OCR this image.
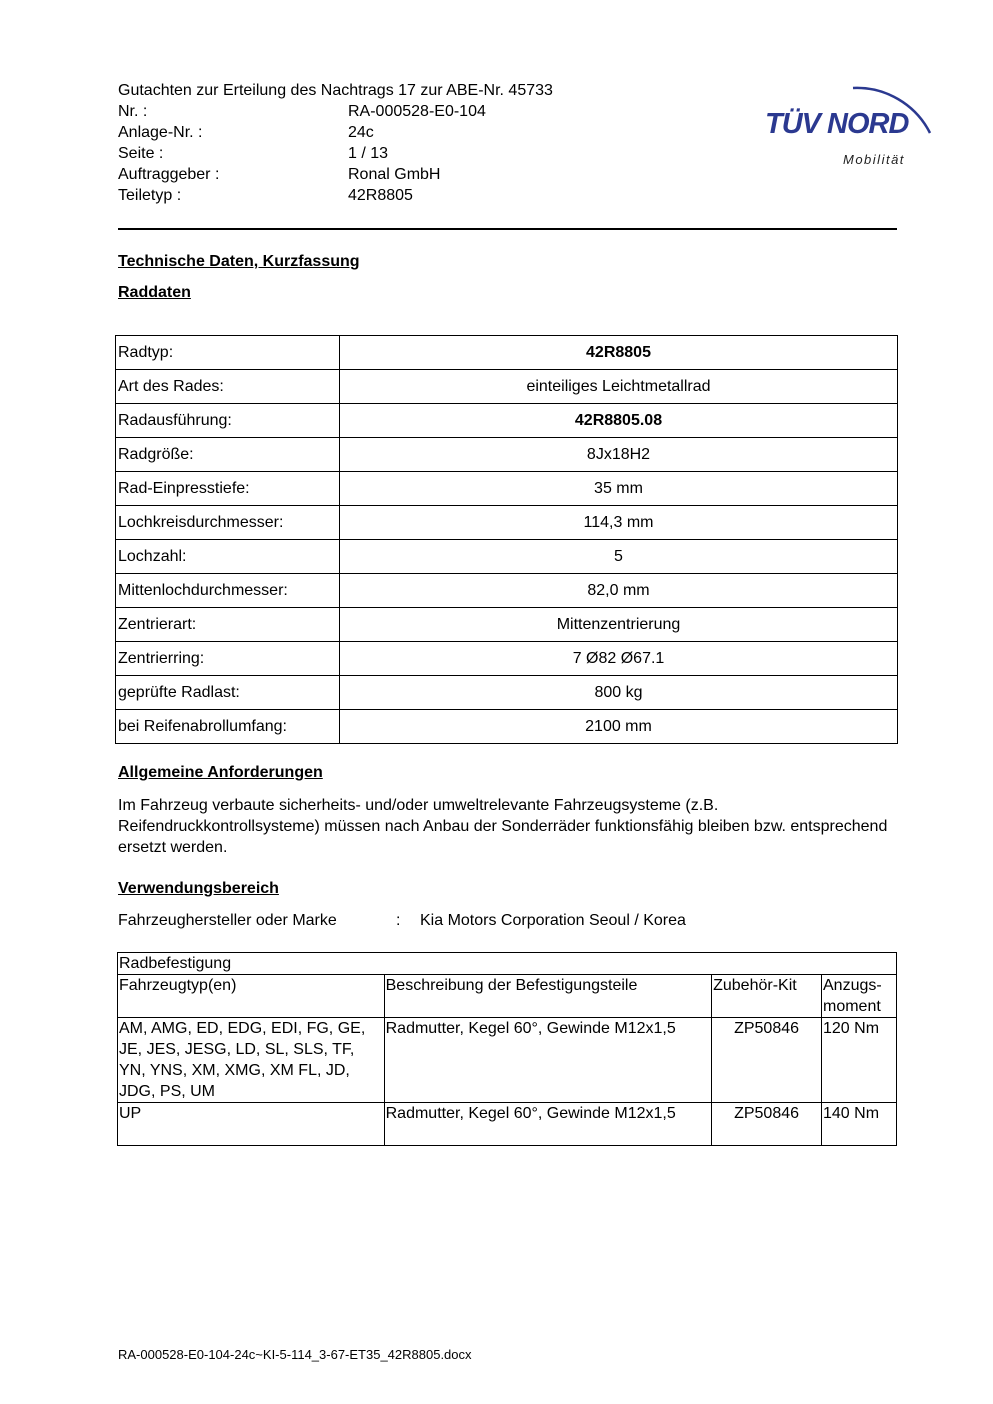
Gutachten zur Erteilung des Nachtrags 17 zur ABE-Nr. 45733
Nr. :	RA-000528-E0-104
Anlage-Nr. :	24c
Seite :	1 / 13
Auftraggeber :	Ronal GmbH
Teiletyp :	42R8805
TÜV NORD
Mobilität
Technische Daten, Kurzfassung
Raddaten
Radtyp:	42R8805
Art des Rades:	einteiliges Leichtmetallrad
Radausführung:	42R8805.08
Radgröße:	8Jx18H2
Rad-Einpresstiefe:	35 mm
Lochkreisdurchmesser:	114,3 mm
Lochzahl:	5
Mittenlochdurchmesser:	82,0 mm
Zentrierart:	Mittenzentrierung
Zentrierring:	7 Ø82 Ø67.1
geprüfte Radlast:	800 kg
bei Reifenabrollumfang:	2100 mm
Allgemeine Anforderungen
Im Fahrzeug verbaute sicherheits- und/oder umweltrelevante Fahrzeugsysteme (z.B. Reifendruckkontrollsysteme) müssen nach Anbau der Sonderräder funktionsfähig bleiben bzw. entsprechend ersetzt werden.
Verwendungsbereich
Fahrzeughersteller oder Marke	: Kia Motors Corporation Seoul / Korea
Radbefestigung			
Fahrzeugtyp(en)	Beschreibung der Befestigungsteile	Zubehör-Kit	Anzugs-moment
AM, AMG, ED, EDG, EDI, FG, GE, JE, JES, JESG, LD, SL, SLS, TF, YN, YNS, XM, XMG, XM FL, JD, JDG, PS, UM	Radmutter, Kegel 60°, Gewinde M12x1,5	ZP50846	120 Nm
UP	Radmutter, Kegel 60°, Gewinde M12x1,5	ZP50846	140 Nm
RA-000528-E0-104-24c~KI-5-114_3-67-ET35_42R8805.docx
